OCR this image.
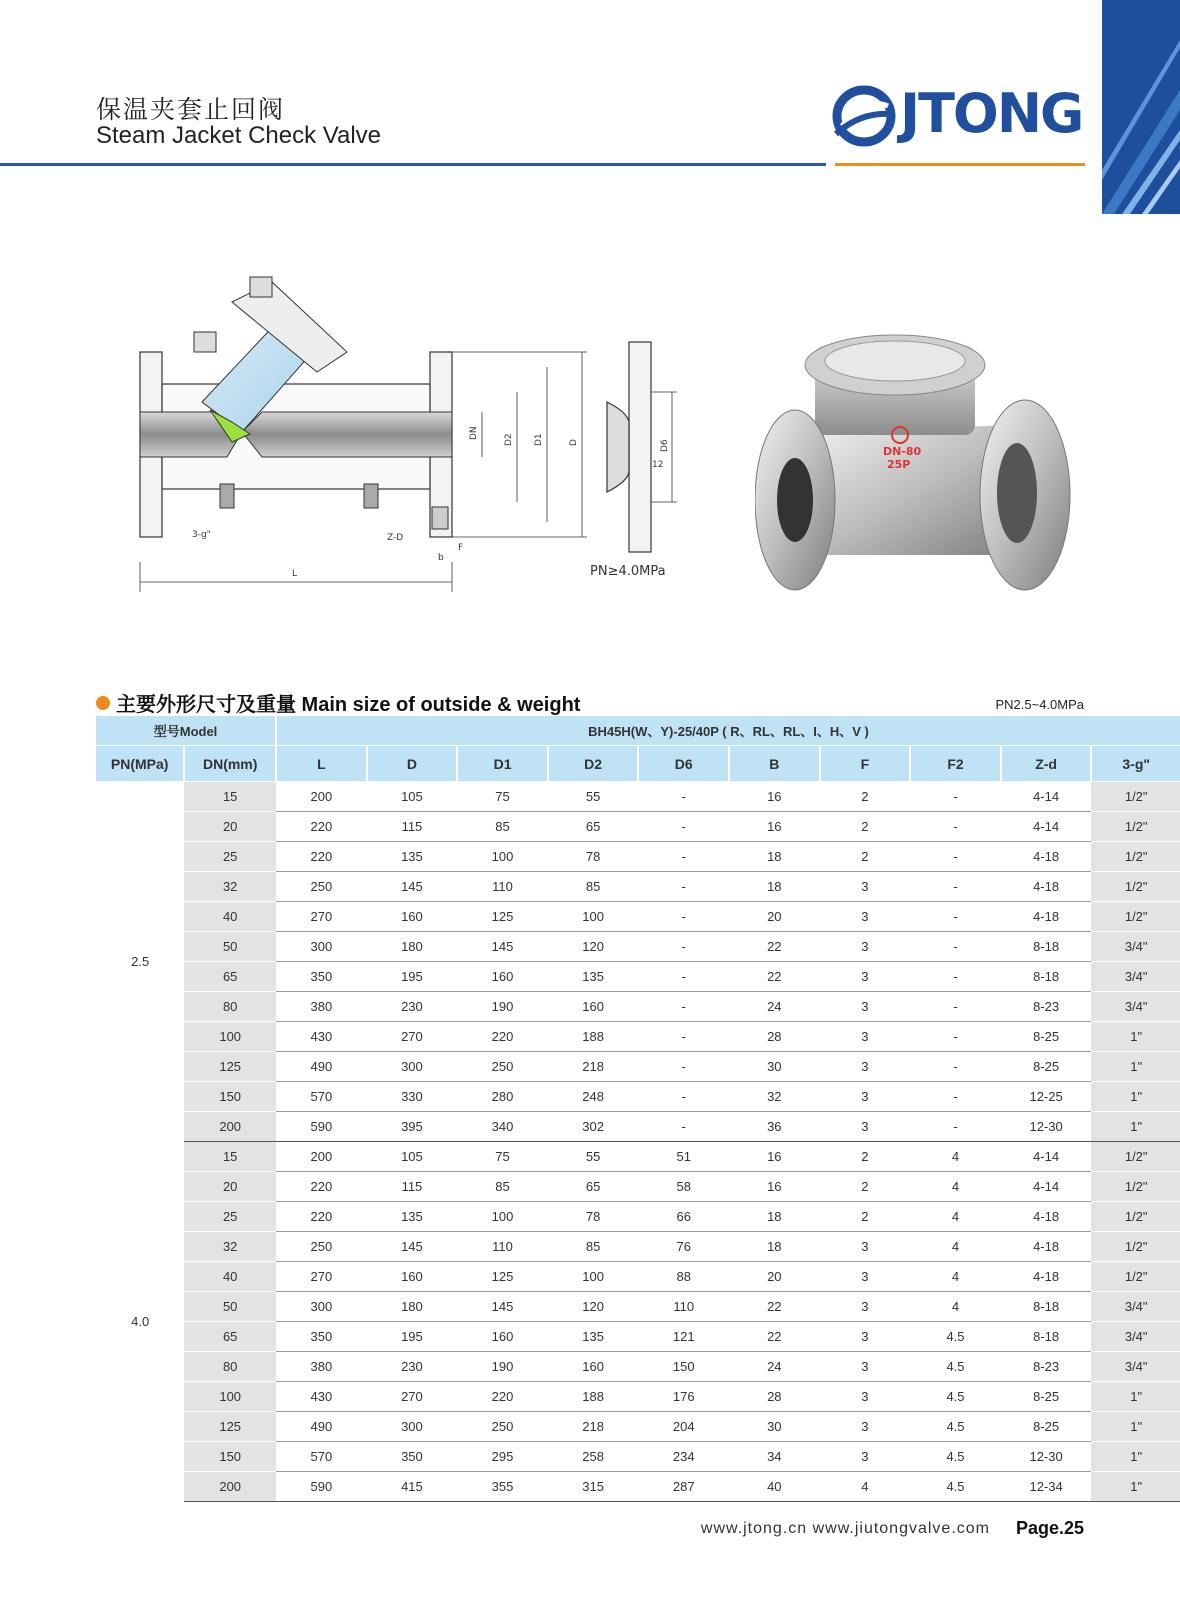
保温夹套止回阀
Steam Jacket Check Valve	JTONG
L
DN	D2 D1	D
3-g"	Z-D
F
b
D6
12
PN≥4.0MPa
DN-80
25P
主要外形尺寸及重量 Main size of outside & weight	PN2.5~4.0MPa
型号Model		BH45H(W、Y)-25/40P ( R、RL、RL、I、H、V )									
PN(MPa)	DN(mm)	L	D	D1	D2	D6	B	F	F2	Z-d	3-g"
2.5	15	200	105	75	55	-	16	2	-	4-14	1/2"
	20	220	115	85	65	-	16	2	-	4-14	1/2"
	25	220	135	100	78	-	18	2	-	4-18	1/2"
	32	250	145	110	85	-	18	3	-	4-18	1/2"
	40	270	160	125	100	-	20	3	-	4-18	1/2"
	50	300	180	145	120	-	22	3	-	8-18	3/4"
	65	350	195	160	135	-	22	3	-	8-18	3/4"
	80	380	230	190	160	-	24	3	-	8-23	3/4"
	100	430	270	220	188	-	28	3	-	8-25	1"
	125	490	300	250	218	-	30	3	-	8-25	1"
	150	570	330	280	248	-	32	3	-	12-25	1"
	200	590	395	340	302	-	36	3	-	12-30	1"
4.0	15	200	105	75	55	51	16	2	4	4-14	1/2"
	20	220	115	85	65	58	16	2	4	4-14	1/2"
	25	220	135	100	78	66	18	2	4	4-18	1/2"
	32	250	145	110	85	76	18	3	4	4-18	1/2"
	40	270	160	125	100	88	20	3	4	4-18	1/2"
	50	300	180	145	120	110	22	3	4	8-18	3/4"
	65	350	195	160	135	121	22	3	4.5	8-18	3/4"
	80	380	230	190	160	150	24	3	4.5	8-23	3/4"
	100	430	270	220	188	176	28	3	4.5	8-25	1"
	125	490	300	250	218	204	30	3	4.5	8-25	1"
	150	570	350	295	258	234	34	3	4.5	12-30	1"
	200	590	415	355	315	287	40	4	4.5	12-34	1"
www.jtong.cn www.jiutongvalve.com Page.25
